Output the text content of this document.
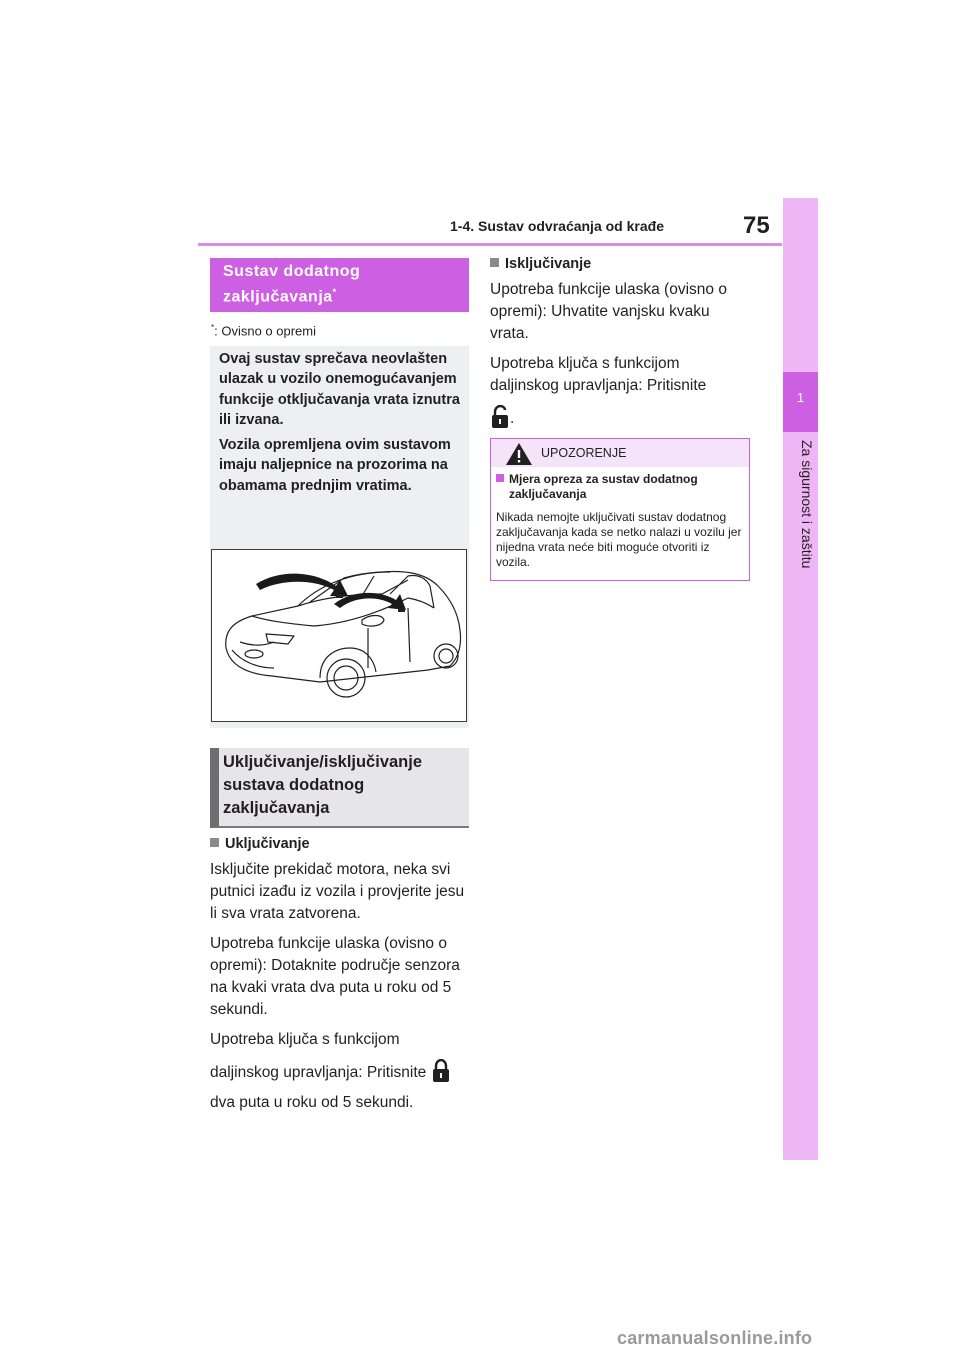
1-4. Sustav odvraćanja od krađe	75
1
Za sigurnost i zaštitu
Sustav dodatnog zaključavanja*
*: Ovisno o opremi

Ovaj sustav sprečava neovlašten ulazak u vozilo onemogućavanjem funkcije otključavanja vrata iznutra ili izvana.

Vozila opremljena ovim sustavom imaju naljepnice na prozorima na obamama prednjim vratima.

Uključivanje/isključivanje sustava dodatnog zaključavanja
Uključivanje

Isključite prekidač motora, neka svi putnici izađu iz vozila i provjerite jesu li sva vrata zatvorena.

Upotreba funkcije ulaska (ovisno o opremi): Dotaknite područje senzora na kvaki vrata dva puta u roku od 5 sekundi.

Upotreba ključa s funkcijom

daljinskog upravljanja: Pritisnite

dva puta u roku od 5 sekundi.

Isključivanje

Upotreba funkcije ulaska (ovisno o opremi): Uhvatite vanjsku kvaku vrata.

Upotreba ključa s funkcijom daljinskog upravljanja: Pritisnite

.

UPOZORENJE
Mjera opreza za sustav dodatnog zaključavanja
Nikada nemojte uključivati sustav dodatnog zaključavanja kada se netko nalazi u vozilu jer nijedna vrata neće biti moguće otvoriti iz vozila.
carmanualsonline.info
